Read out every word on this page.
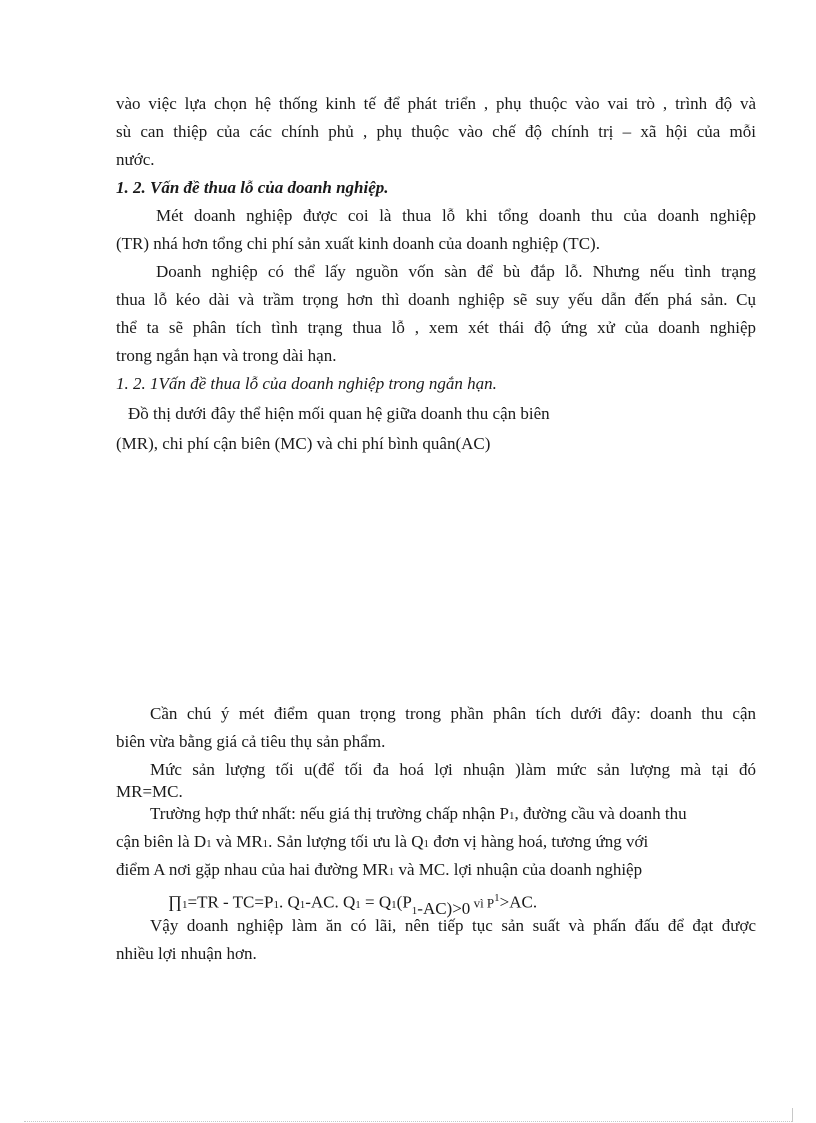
vào việc lựa chọn hệ thống kinh tế để phát triển , phụ thuộc vào vai trò , trình độ và
sù can thiệp của các chính phủ , phụ thuộc vào chế độ chính trị – xã hội của mỗi
nước.
1. 2. Vấn đề thua lỗ của doanh nghiệp.
Mét doanh nghiệp được coi là thua lỗ khi tổng doanh thu của doanh nghiệp
(TR) nhá hơn tổng chi phí sản xuất kinh doanh của doanh nghiệp (TC).
Doanh nghiệp có thể lấy nguồn vốn sàn để bù đắp lỗ. Nhưng nếu tình trạng
thua lỗ kéo dài và trầm trọng hơn thì doanh nghiệp sẽ suy yếu dẫn đến phá sản. Cụ
thể ta sẽ phân tích tình trạng thua lỗ , xem xét thái độ ứng xử của doanh nghiệp
trong ngắn hạn và trong dài hạn.
1. 2. 1Vấn đề thua lỗ của doanh nghiệp trong ngắn hạn.
Đồ thị dưới đây thể hiện mối quan hệ giữa doanh thu cận biên
(MR), chi phí cận biên (MC) và chi phí bình quân(AC)
Cần chú ý mét điểm quan trọng trong phần phân tích dưới đây: doanh thu cận
biên vừa bằng giá cả tiêu thụ sản phẩm.
Mức sản lượng tối u(để tối đa hoá lợi nhuận )làm mức sản lượng mà tại đó
MR=MC.
Trường hợp thứ nhất: nếu giá thị trường chấp nhận P1, đường cầu và doanh thu
cận biên là D1 và MR1. Sản lượng tối ưu là Q1 đơn vị hàng hoá, tương ứng với
điểm A nơi gặp nhau của hai đường MR1 và MC. lợi nhuận của doanh nghiệp
∏1=TR - TC=P1. Q1-AC. Q1 = Q1(P1-AC)>0 vì $P^1>AC$.
Vậy doanh nghiệp làm ăn có lãi, nên tiếp tục sản suất và phấn đấu để đạt được
nhiều lợi nhuận hơn.
